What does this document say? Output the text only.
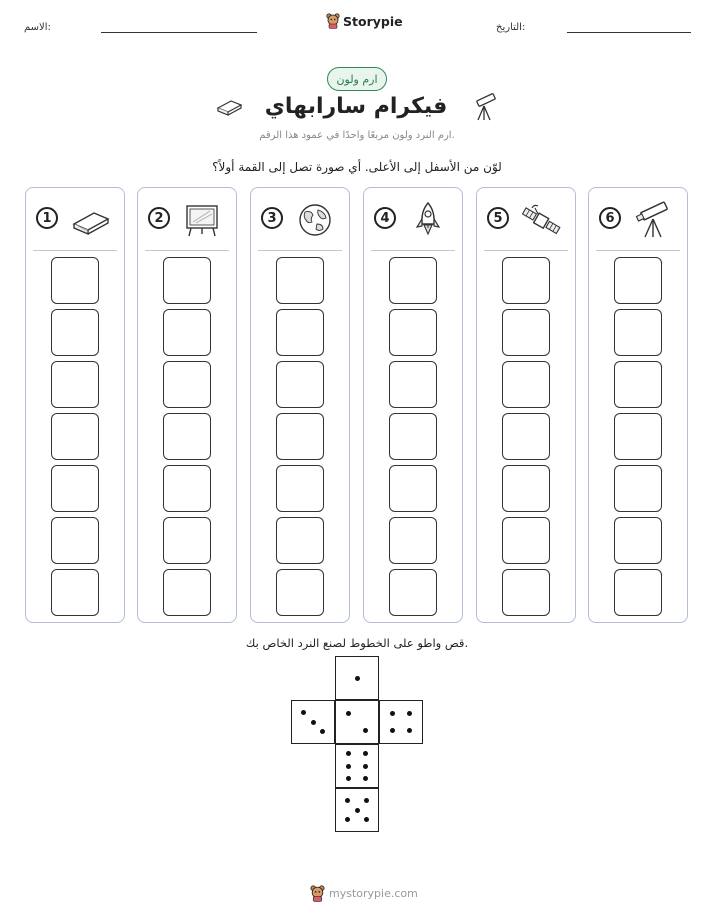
الاسم:	Storypie	التاريخ:
ارم ولون
فيكرام سارابهاي
ارم النرد ولون مربعًا واحدًا في عمود هذا الرقم.
لوّن من الأسفل إلى الأعلى. أي صورة تصل إلى القمة أولاً؟
1	2	3	4	5	6
قص واطو على الخطوط لصنع النرد الخاص بك.
mystorypie.com
